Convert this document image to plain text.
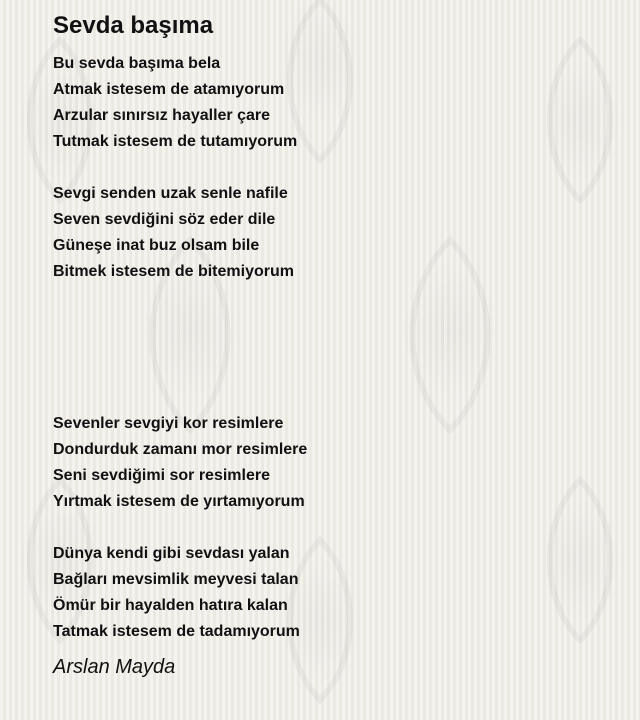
Sevda başıma
Bu sevda başıma bela
Atmak istesem de atamıyorum
Arzular sınırsız hayaller çare
Tutmak istesem de tutamıyorum
Sevgi senden uzak senle nafile
Seven sevdiğini söz eder dile
Güneşe inat buz olsam bile
Bitmek istesem de bitemiyorum
Sevenler sevgiyi kor resimlere
Dondurduk zamanı mor resimlere
Seni sevdiğimi sor resimlere
Yırtmak istesem de yırtamıyorum
Dünya kendi gibi sevdası yalan
Bağları mevsimlik meyvesi talan
Ömür bir hayalden hatıra kalan
Tatmak istesem de tadamıyorum
Arslan Mayda
